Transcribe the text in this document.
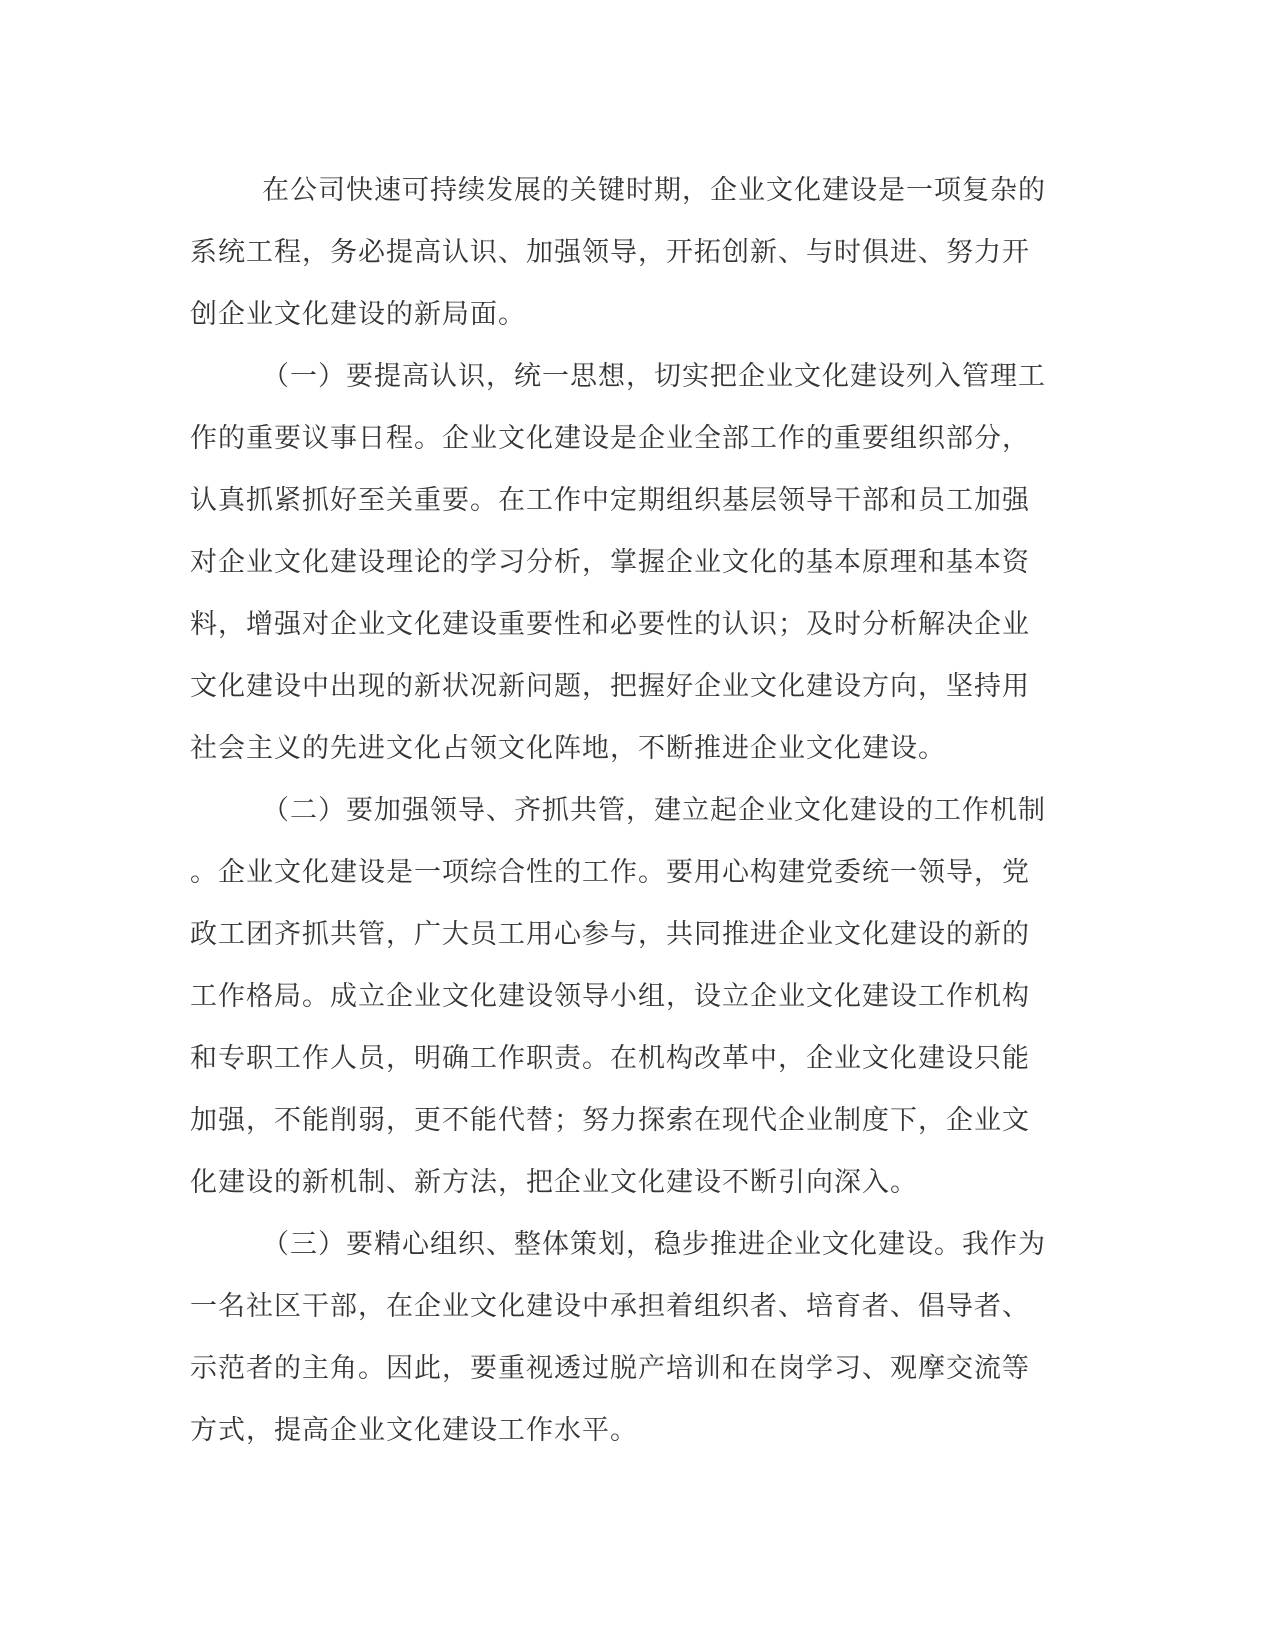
在公司快速可持续发展的关键时期，企业文化建设是一项复杂的
系统工程，务必提高认识、加强领导，开拓创新、与时俱进、努力开
创企业文化建设的新局面。
（一）要提高认识，统一思想，切实把企业文化建设列入管理工
作的重要议事日程。企业文化建设是企业全部工作的重要组织部分，
认真抓紧抓好至关重要。在工作中定期组织基层领导干部和员工加强
对企业文化建设理论的学习分析，掌握企业文化的基本原理和基本资
料，增强对企业文化建设重要性和必要性的认识；及时分析解决企业
文化建设中出现的新状况新问题，把握好企业文化建设方向，坚持用
社会主义的先进文化占领文化阵地，不断推进企业文化建设。
（二）要加强领导、齐抓共管，建立起企业文化建设的工作机制
。企业文化建设是一项综合性的工作。要用心构建党委统一领导，党
政工团齐抓共管，广大员工用心参与，共同推进企业文化建设的新的
工作格局。成立企业文化建设领导小组，设立企业文化建设工作机构
和专职工作人员，明确工作职责。在机构改革中，企业文化建设只能
加强，不能削弱，更不能代替；努力探索在现代企业制度下，企业文
化建设的新机制、新方法，把企业文化建设不断引向深入。
（三）要精心组织、整体策划，稳步推进企业文化建设。我作为
一名社区干部，在企业文化建设中承担着组织者、培育者、倡导者、
示范者的主角。因此，要重视透过脱产培训和在岗学习、观摩交流等
方式，提高企业文化建设工作水平。
